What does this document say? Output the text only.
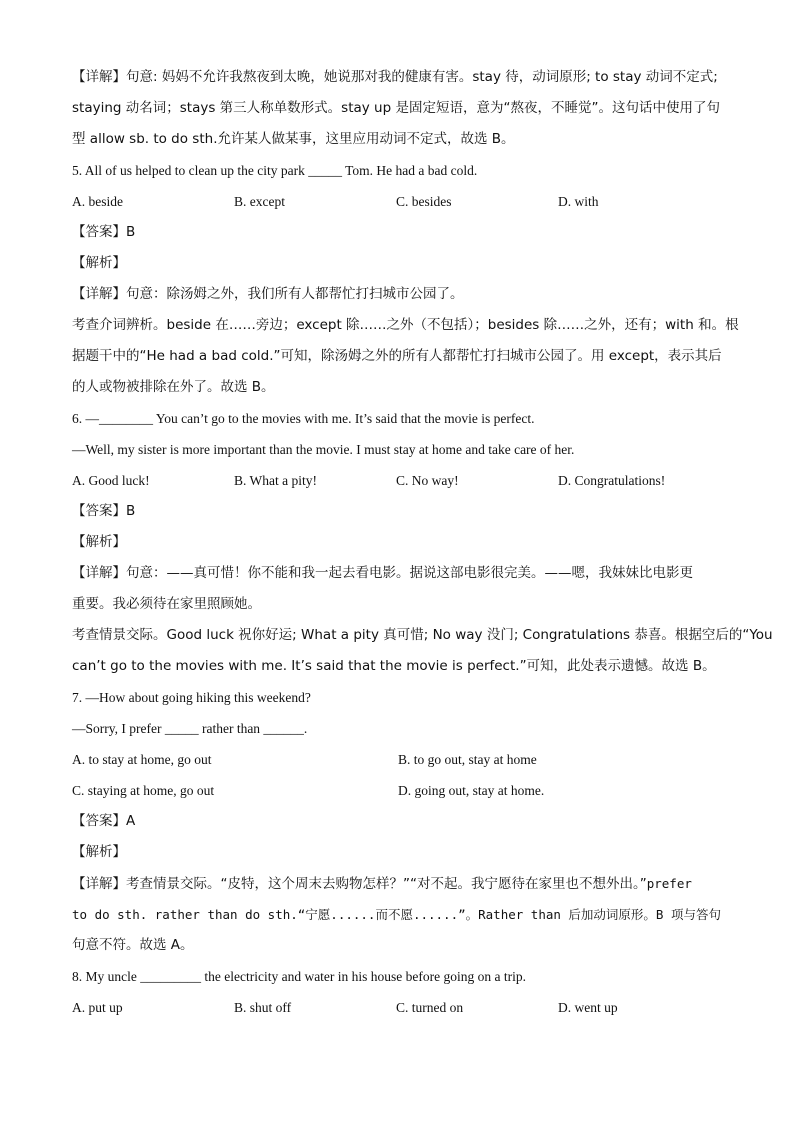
【详解】句意: 妈妈不允许我熬夜到太晚，她说那对我的健康有害。stay 待，动词原形; to stay 动词不定式;
staying 动名词；stays 第三人称单数形式。stay up 是固定短语，意为“熬夜，不睡觉”。这句话中使用了句
型 allow sb. to do sth.允许某人做某事，这里应用动词不定式，故选 B。
5. All of us helped to clean up the city park _____ Tom. He had a bad cold.
A. beside	B. except	C. besides	D. with
【答案】B
【解析】
【详解】句意：除汤姆之外，我们所有人都帮忙打扫城市公园了。
考查介词辨析。beside 在……旁边；except 除……之外（不包括）；besides 除……之外，还有；with 和。根
据题干中的“He had a bad cold.”可知，除汤姆之外的所有人都帮忙打扫城市公园了。用 except，表示其后
的人或物被排除在外了。故选 B。
6. —________ You can’t go to the movies with me. It’s said that the movie is perfect.
—Well, my sister is more important than the movie. I must stay at home and take care of her.
A. Good luck!	B. What a pity!	C. No way!	D. Congratulations!
【答案】B
【解析】
【详解】句意：——真可惜！你不能和我一起去看电影。据说这部电影很完美。——嗯，我妹妹比电影更
重要。我必须待在家里照顾她。
考查情景交际。Good luck 祝你好运; What a pity 真可惜; No way 没门; Congratulations 恭喜。根据空后的“You
can’t go to the movies with me. It’s said that the movie is perfect.”可知，此处表示遗憾。故选 B。
7. —How about going hiking this weekend?
—Sorry, I prefer _____ rather than ______.
A. to stay at home, go out	B. to go out, stay at home
C. staying at home, go out	D. going out, stay at home.
【答案】A
【解析】
【详解】考查情景交际。“皮特，这个周末去购物怎样？”“对不起。我宁愿待在家里也不想外出。”prefer
to do sth. rather than do sth.“宁愿......而不愿......”。Rather than 后加动词原形。B 项与答句
句意不符。故选 A。
8. My uncle _________ the electricity and water in his house before going on a trip.
A. put up	B. shut off	C. turned on	D. went up
